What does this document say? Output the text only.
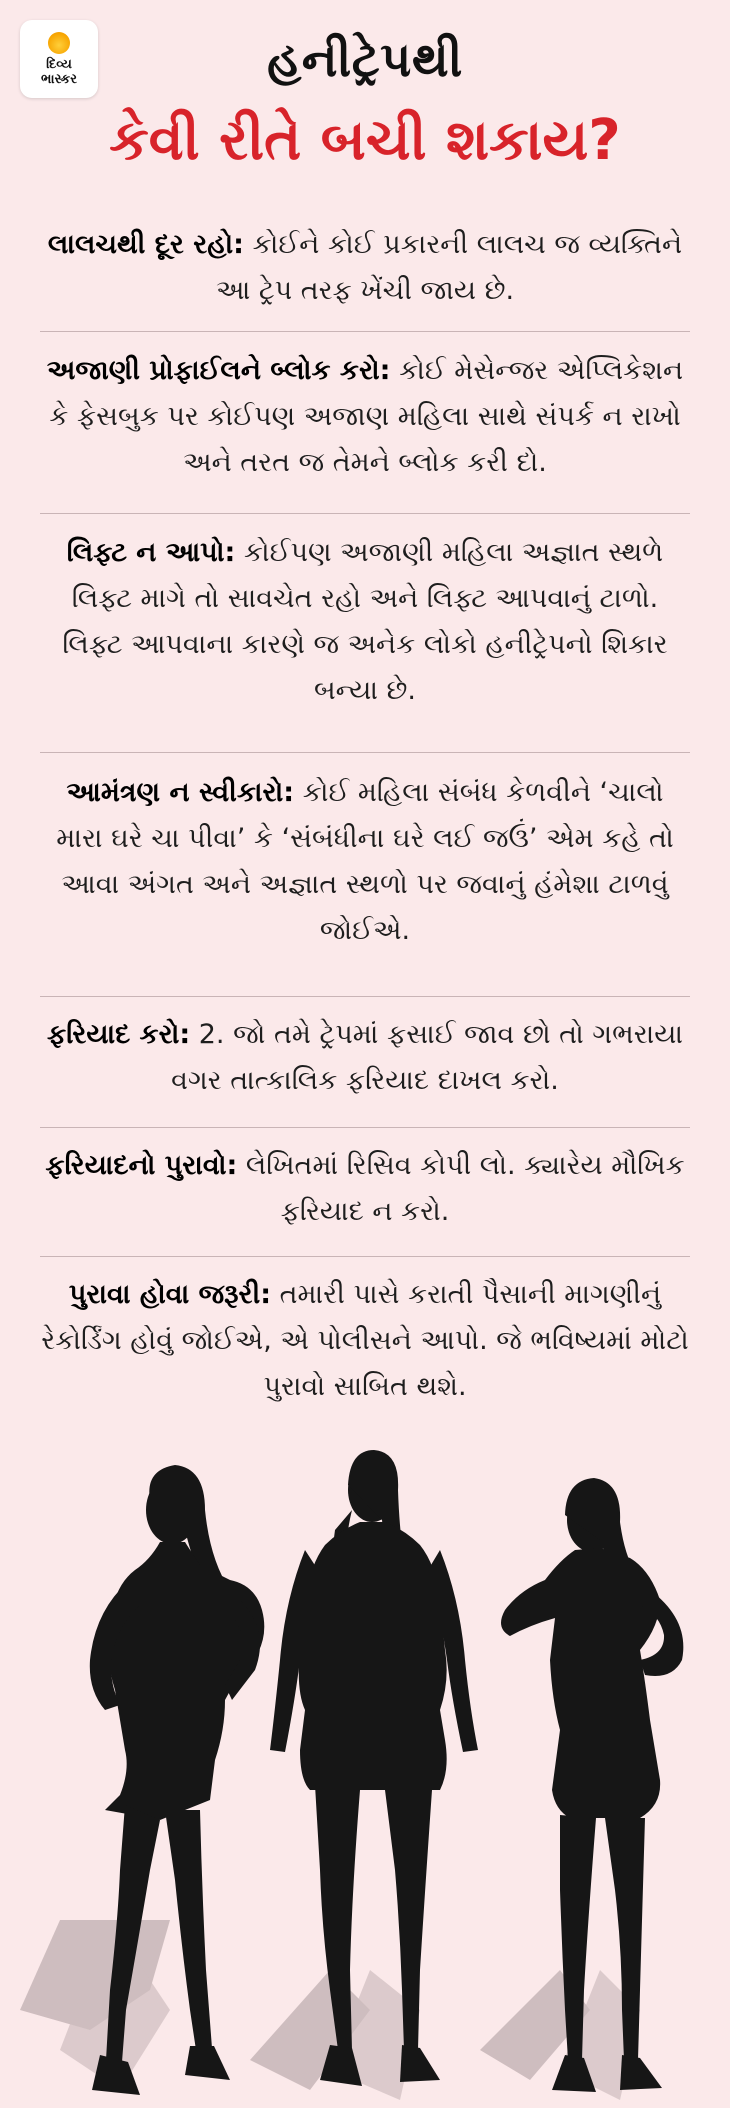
દિવ્ય
ભાસ્કર	હનીટ્રેપથી
કેવી રીતે બચી શકાય?
લાલચથી દૂર રહો: કોઈને કોઈ પ્રકારની લાલચ જ વ્યક્તિને આ ટ્રેપ તરફ ખેંચી જાય છે.
અજાણી પ્રોફાઈલને બ્લોક કરો: કોઈ મેસેન્જર એપ્લિકેશન કે ફેસબુક પર કોઈપણ અજાણ મહિલા સાથે સંપર્ક ન રાખો અને તરત જ તેમને બ્લોક કરી દો.
લિફ્ટ ન આપો: કોઈપણ અજાણી મહિલા અજ્ઞાત સ્થળે લિફ્ટ માગે તો સાવચેત રહો અને લિફ્ટ આપવાનું ટાળો. લિફ્ટ આપવાના કારણે જ અનેક લોકો હનીટ્રેપનો શિકાર બન્યા છે.
આમંત્રણ ન સ્વીકારો: કોઈ મહિલા સંબંધ કેળવીને ‘ચાલો મારા ઘરે ચા પીવા’ કે ‘સંબંધીના ઘરે લઈ જઉં’ એમ કહે તો આવા અંગત અને અજ્ઞાત સ્થળો પર જવાનું હંમેશા ટાળવું જોઈએ.
ફરિયાદ કરો: 2. જો તમે ટ્રેપમાં ફસાઈ જાવ છો તો ગભરાયા વગર તાત્કાલિક ફરિયાદ દાખલ કરો.
ફરિયાદનો પુરાવો: લેખિતમાં રિસિવ કોપી લો. ક્યારેય મૌખિક ફરિયાદ ન કરો.
પુરાવા હોવા જરૂરી: તમારી પાસે કરાતી પૈસાની માગણીનું રેકોર્ડિંગ હોવું જોઈએ, એ પોલીસને આપો. જે ભવિષ્યમાં મોટો પુરાવો સાબિત થશે.
